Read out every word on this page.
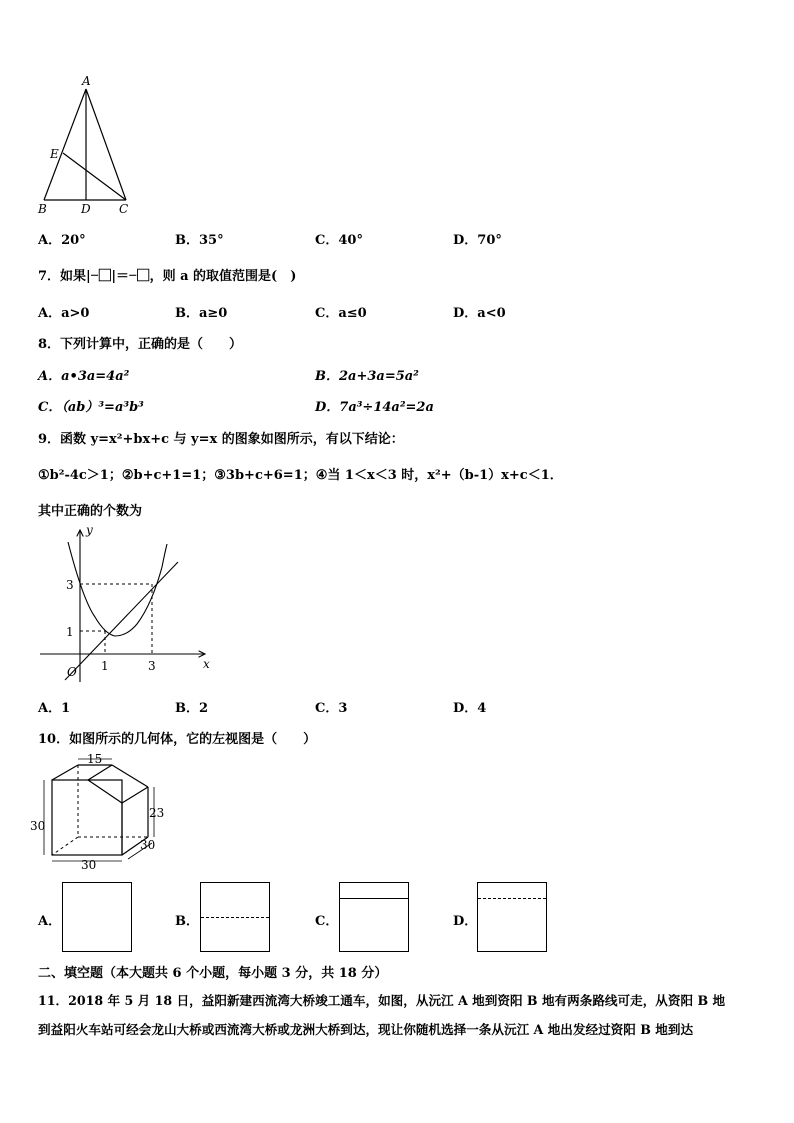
A
E
B	D C
A．20°	B．35°	C．40°	D．70°
7．如果|−⃞|＝−⃞，则 a 的取值范围是(　)
A．a>0	B．a≥0	C．a≤0	D．a<0
8．下列计算中，正确的是（　　）
A．a•3a=4a²	B．2a+3a=5a²
C．（ab）³=a³b³	D．7a³÷14a²=2a
9．函数 y=x²+bx+c 与 y=x 的图象如图所示，有以下结论：
①b²-4c＞1；②b+c+1=1；③3b+c+6=1；④当 1＜x＜3 时，x²+（b-1）x+c＜1．
其中正确的个数为
y
x
O
3
1
1	3
A．1	B．2	C．3	D．4
10．如图所示的几何体，它的左视图是（　　）
15
30
23
30
30
A．	B．	C．	D．
二、填空题（本大题共 6 个小题，每小题 3 分，共 18 分）
11．2018 年 5 月 18 日，益阳新建西流湾大桥竣工通车，如图，从沅江 A 地到资阳 B 地有两条路线可走，从资阳 B 地
到益阳火车站可经会龙山大桥或西流湾大桥或龙洲大桥到达，现让你随机选择一条从沅江 A 地出发经过资阳 B 地到达
